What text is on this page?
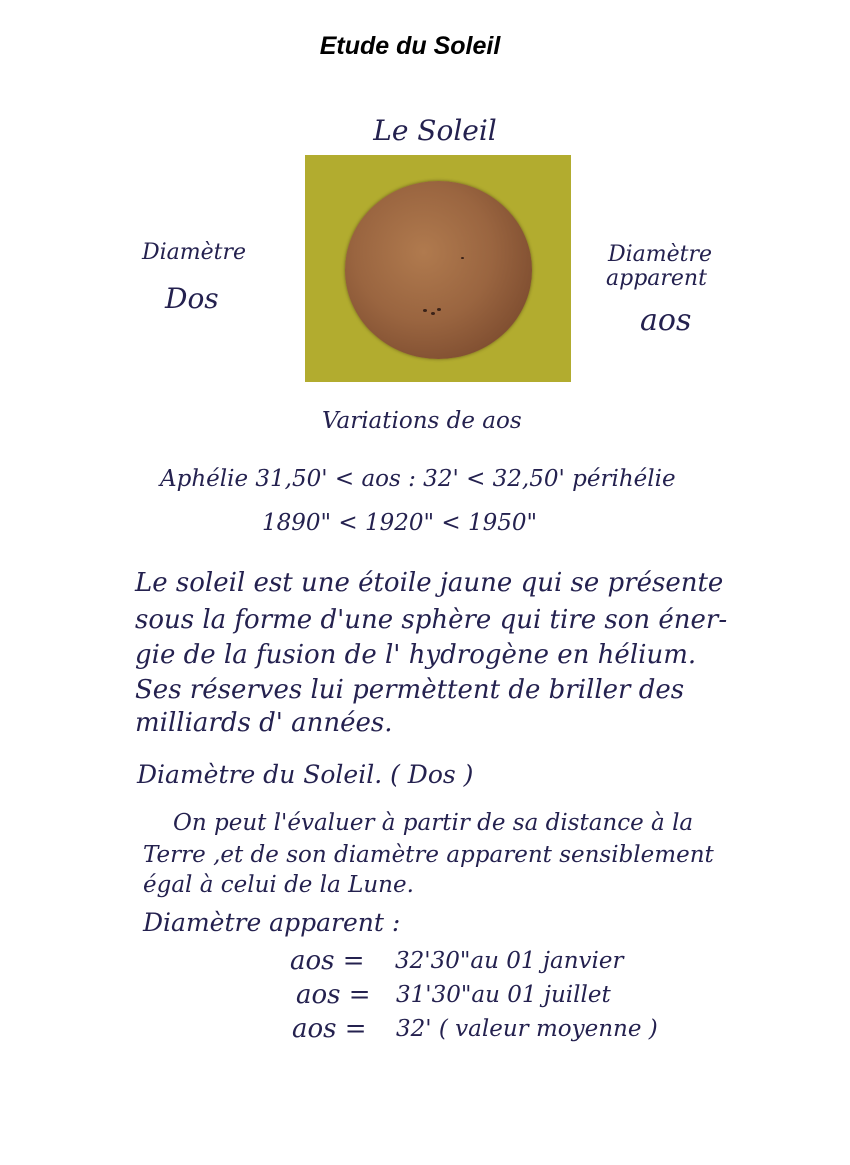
Etude du Soleil
Le Soleil
Diamètre
Dos
Diamètre
apparent
aos
Variations de aos
Aphélie 31,50' < aos : 32' < 32,50' périhélie
1890" < 1920" < 1950"
Le soleil est une étoile jaune qui se présente
sous la forme d'une sphère qui tire son éner-
gie de la fusion de l' hydrogène en hélium.
Ses réserves lui permèttent de briller des
milliards d' années.
Diamètre du Soleil. ( Dos )
On peut l'évaluer à partir de sa distance à la
Terre ,et de son diamètre apparent sensiblement
égal à celui de la Lune.
Diamètre apparent :
aos = 32'30"au 01 janvier
aos = 31'30"au 01 juillet
aos = 32' ( valeur moyenne )
